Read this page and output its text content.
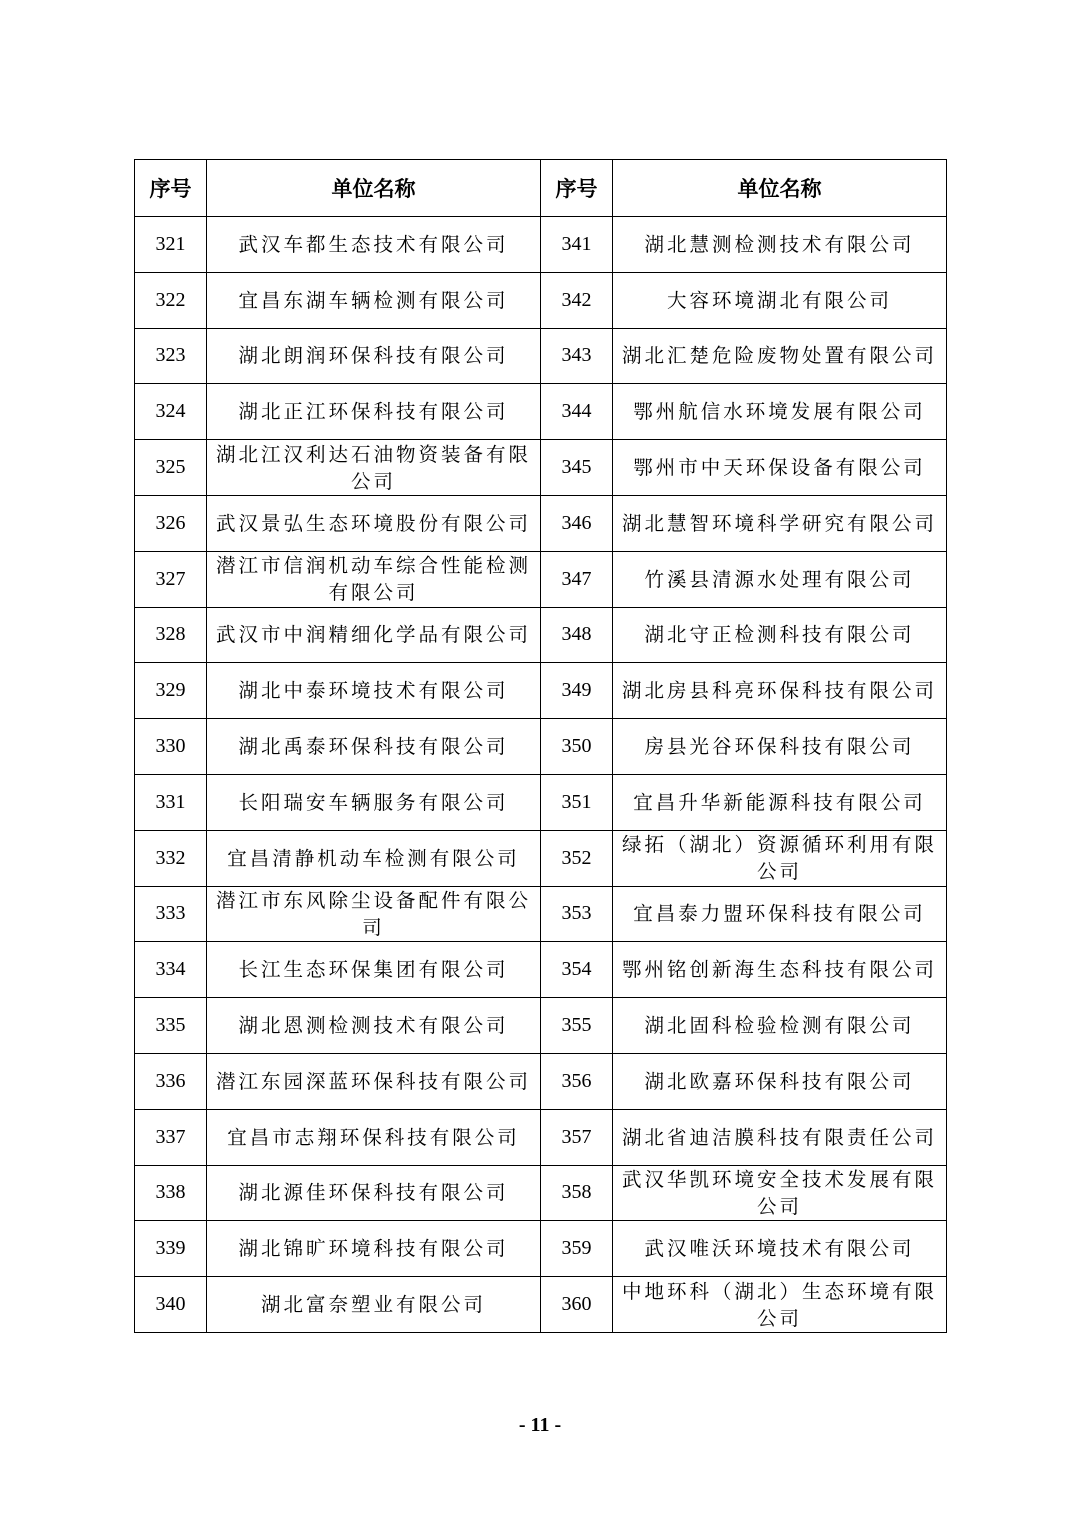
序号	单位名称	序号	单位名称
321	武汉车都生态技术有限公司	341	湖北慧测检测技术有限公司
322	宜昌东湖车辆检测有限公司	342	大容环境湖北有限公司
323	湖北朗润环保科技有限公司	343	湖北汇楚危险废物处置有限公司
324	湖北正江环保科技有限公司	344	鄂州航信水环境发展有限公司
325	湖北江汉利达石油物资装备有限公司	345	鄂州市中天环保设备有限公司
326	武汉景弘生态环境股份有限公司	346	湖北慧智环境科学研究有限公司
327	潜江市信润机动车综合性能检测有限公司	347	竹溪县清源水处理有限公司
328	武汉市中润精细化学品有限公司	348	湖北守正检测科技有限公司
329	湖北中泰环境技术有限公司	349	湖北房县科亮环保科技有限公司
330	湖北禹泰环保科技有限公司	350	房县光谷环保科技有限公司
331	长阳瑞安车辆服务有限公司	351	宜昌升华新能源科技有限公司
332	宜昌清静机动车检测有限公司	352	绿拓（湖北）资源循环利用有限公司
333	潜江市东风除尘设备配件有限公司	353	宜昌泰力盟环保科技有限公司
334	长江生态环保集团有限公司	354	鄂州铭创新海生态科技有限公司
335	湖北恩测检测技术有限公司	355	湖北固科检验检测有限公司
336	潜江东园深蓝环保科技有限公司	356	湖北欧嘉环保科技有限公司
337	宜昌市志翔环保科技有限公司	357	湖北省迪洁膜科技有限责任公司
338	湖北源佳环保科技有限公司	358	武汉华凯环境安全技术发展有限公司
339	湖北锦旷环境科技有限公司	359	武汉唯沃环境技术有限公司
340	湖北富奈塑业有限公司	360	中地环科（湖北）生态环境有限公司
- 11 -
